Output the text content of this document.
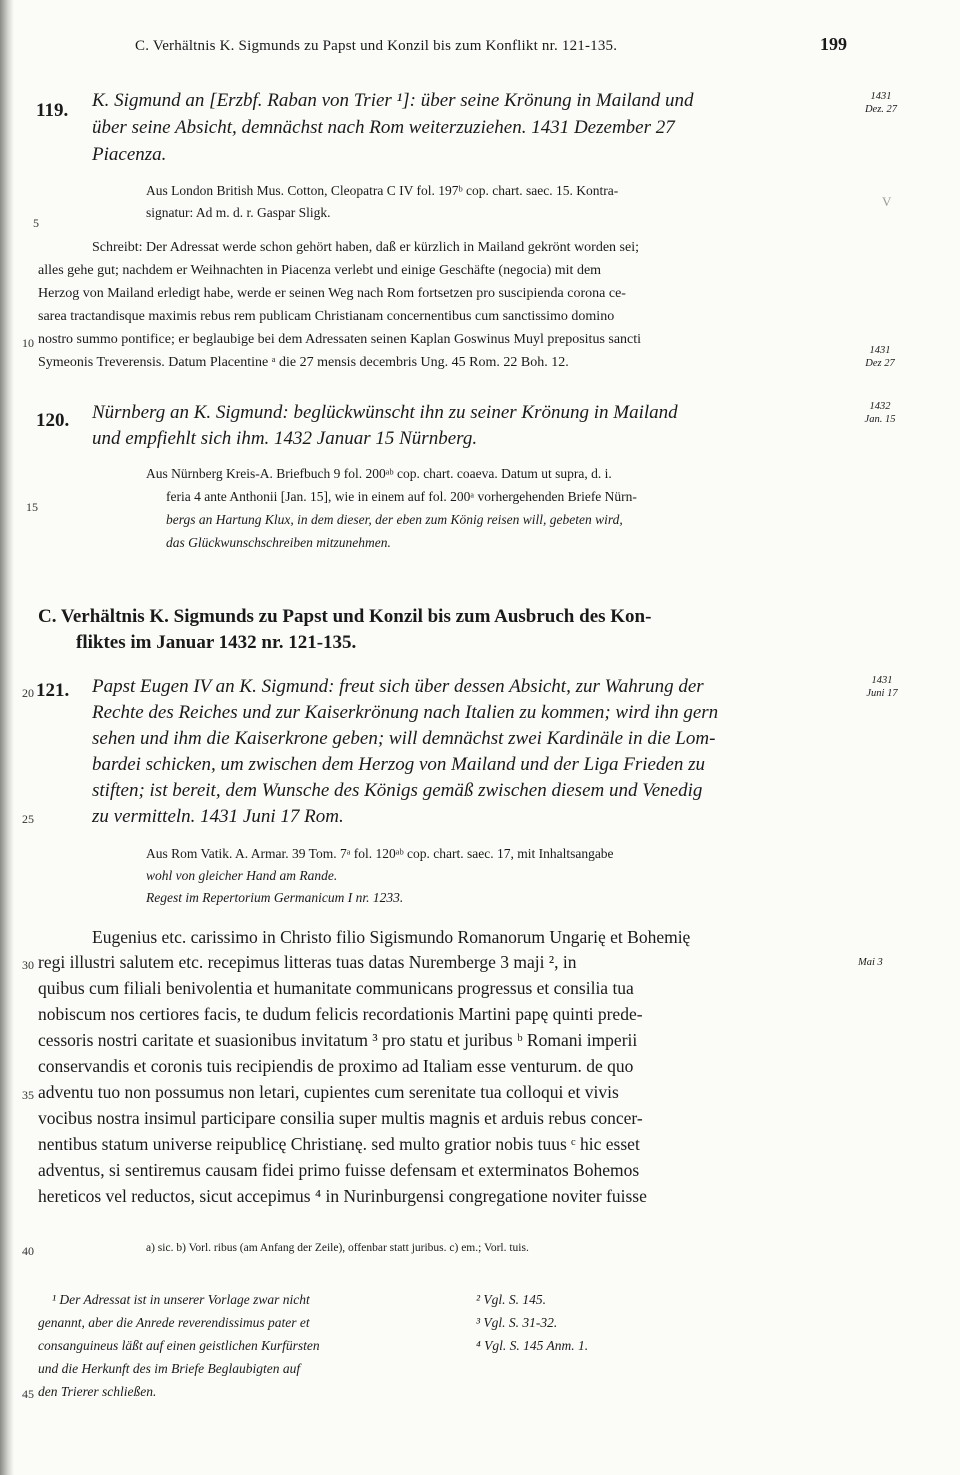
C. Verhältnis K. Sigmunds zu Papst und Konzil bis zum Konflikt nr. 121-135.	199
5
10
15
20
25
30
35
40
45
119. K. Sigmund an [Erzbf. Raban von Trier ¹]: über seine Krönung in Mailand und
über seine Absicht, demnächst nach Rom weiterzuziehen. 1431 Dezember 27
Piacenza.
1431
Dez. 27
Aus London British Mus. Cotton, Cleopatra C IV fol. 197ᵇ cop. chart. saec. 15. Kontra-
signatur: Ad m. d. r. Gaspar Sligk.
V
Schreibt: Der Adressat werde schon gehört haben, daß er kürzlich in Mailand gekrönt worden sei;
alles gehe gut; nachdem er Weihnachten in Piacenza verlebt und einige Geschäfte (negocia) mit dem
Herzog von Mailand erledigt habe, werde er seinen Weg nach Rom fortsetzen pro suscipienda corona ce-
sarea tractandisque maximis rebus rem publicam Christianam concernentibus cum sanctissimo domino
nostro summo pontifice; er beglaubige bei dem Adressaten seinen Kaplan Goswinus Muyl prepositus sancti
Symeonis Treverensis. Datum Placentine ᵃ die 27 mensis decembris Ung. 45 Rom. 22 Boh. 12.
1431
Dez 27
120. Nürnberg an K. Sigmund: beglückwünscht ihn zu seiner Krönung in Mailand
und empfiehlt sich ihm. 1432 Januar 15 Nürnberg.
1432
Jan. 15
Aus Nürnberg Kreis-A. Briefbuch 9 fol. 200ᵃᵇ cop. chart. coaeva. Datum ut supra, d. i.
feria 4 ante Anthonii [Jan. 15], wie in einem auf fol. 200ᵃ vorhergehenden Briefe Nürn-
bergs an Hartung Klux, in dem dieser, der eben zum König reisen will, gebeten wird,
das Glückwunschschreiben mitzunehmen.
C. Verhältnis K. Sigmunds zu Papst und Konzil bis zum Ausbruch des Kon-
fliktes im Januar 1432 nr. 121-135.
121. Papst Eugen IV an K. Sigmund: freut sich über dessen Absicht, zur Wahrung der
Rechte des Reiches und zur Kaiserkrönung nach Italien zu kommen; wird ihn gern
sehen und ihm die Kaiserkrone geben; will demnächst zwei Kardinäle in die Lom-
bardei schicken, um zwischen dem Herzog von Mailand und der Liga Frieden zu
stiften; ist bereit, dem Wunsche des Königs gemäß zwischen diesem und Venedig
zu vermitteln. 1431 Juni 17 Rom.
1431
Juni 17
Aus Rom Vatik. A. Armar. 39 Tom. 7ᵃ fol. 120ᵃᵇ cop. chart. saec. 17, mit Inhaltsangabe
wohl von gleicher Hand am Rande.
Regest im Repertorium Germanicum I nr. 1233.
Eugenius etc. carissimo in Christo filio Sigismundo Romanorum Ungarię et Bohemię
regi illustri salutem etc. recepimus litteras tuas datas Nuremberge 3 maji ², in
quibus cum filiali benivolentia et humanitate communicans progressus et consilia tua
nobiscum nos certiores facis, te dudum felicis recordationis Martini papę quinti prede-
cessoris nostri caritate et suasionibus invitatum ³ pro statu et juribus ᵇ Romani imperii
conservandis et coronis tuis recipiendis de proximo ad Italiam esse venturum. de quo
adventu tuo non possumus non letari, cupientes cum serenitate tua colloqui et vivis
vocibus nostra insimul participare consilia super multis magnis et arduis rebus concer-
nentibus statum universe reipublicę Christianę. sed multo gratior nobis tuus ᶜ hic esset
adventus, si sentiremus causam fidei primo fuisse defensam et exterminatos Bohemos
hereticos vel reductos, sicut accepimus ⁴ in Nurinburgensi congregatione noviter fuisse
Mai 3
a) sic. b) Vorl. ribus (am Anfang der Zeile), offenbar statt juribus. c) em.; Vorl. tuis.
¹ Der Adressat ist in unserer Vorlage zwar nicht
genannt, aber die Anrede reverendissimus pater et
consanguineus läßt auf einen geistlichen Kurfürsten
und die Herkunft des im Briefe Beglaubigten auf
den Trierer schließen.
² Vgl. S. 145.
³ Vgl. S. 31-32.
⁴ Vgl. S. 145 Anm. 1.
